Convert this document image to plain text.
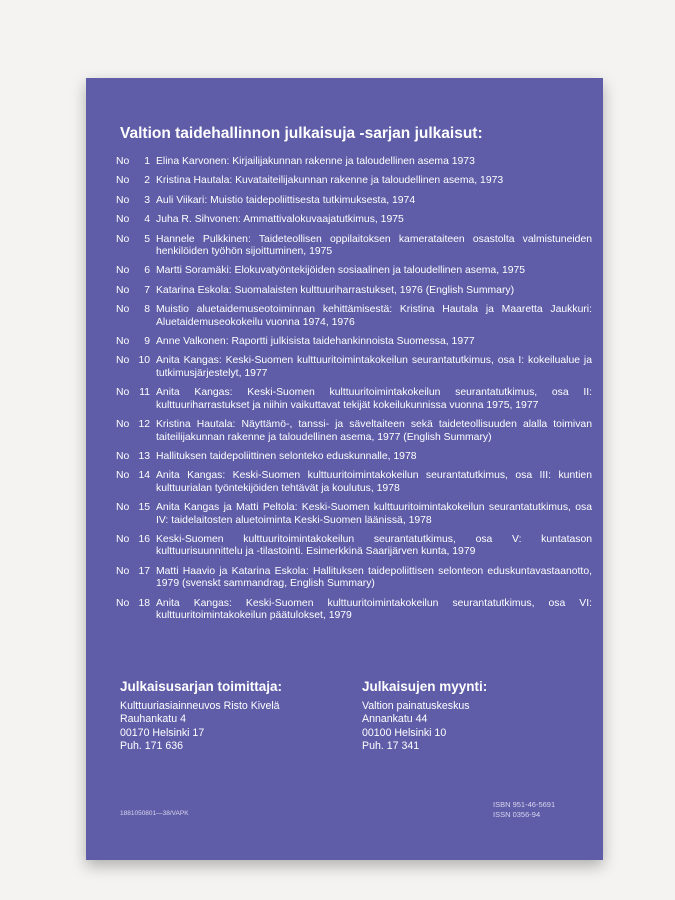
Valtion taidehallinnon julkaisuja -sarjan julkaisut:
No	1 Elina Karvonen: Kirjailijakunnan rakenne ja taloudellinen asema 1973
No	2 Kristina Hautala: Kuvataiteilijakunnan rakenne ja taloudellinen asema, 1973
No	3 Auli Viikari: Muistio taidepoliittisesta tutkimuksesta, 1974
No	4 Juha R. Sihvonen: Ammattivalokuvaajatutkimus, 1975
No	5 Hannele Pulkkinen: Taideteollisen oppilaitoksen kamerataiteen osastolta valmistuneiden henkilöiden työhön sijoittuminen, 1975
No	6 Martti Soramäki: Elokuvatyöntekijöiden sosiaalinen ja taloudellinen asema, 1975
No	7 Katarina Eskola: Suomalaisten kulttuuriharrastukset, 1976 (English Summary)
No	8 Muistio aluetaidemuseotoiminnan kehittämisestä: Kristina Hautala ja Maaretta Jaukkuri: Aluetaidemuseokokeilu vuonna 1974, 1976
No	9 Anne Valkonen: Raportti julkisista taidehankinnoista Suomessa, 1977
No 10 Anita Kangas: Keski-Suomen kulttuuritoimintakokeilun seurantatutkimus, osa I: kokeilualue ja tutkimusjärjestelyt, 1977
No 11 Anita Kangas: Keski-Suomen kulttuuritoimintakokeilun seurantatutkimus, osa II: kulttuuriharrastukset ja niihin vaikuttavat tekijät kokeilukunnissa vuonna 1975, 1977
No 12 Kristina Hautala: Näyttämö-, tanssi- ja säveltaiteen sekä taideteollisuuden alalla toimivan taiteilijakunnan rakenne ja taloudellinen asema, 1977 (English Summary)
No 13 Hallituksen taidepoliittinen selonteko eduskunnalle, 1978
No 14 Anita Kangas: Keski-Suomen kulttuuritoimintakokeilun seurantatutkimus, osa III: kuntien kulttuurialan työntekijöiden tehtävät ja koulutus, 1978
No 15 Anita Kangas ja Matti Peltola: Keski-Suomen kulttuuritoimintakokeilun seurantatutkimus, osa IV: taidelaitosten aluetoiminta Keski-Suomen läänissä, 1978
No 16 Keski-Suomen kulttuuritoimintakokeilun seurantatutkimus, osa V: kuntatason kulttuurisuunnittelu ja -tilastointi. Esimerkkinä Saarijärven kunta, 1979
No 17 Matti Haavio ja Katarina Eskola: Hallituksen taidepoliittisen selonteon eduskuntavastaanotto, 1979 (svenskt sammandrag, English Summary)
No 18 Anita Kangas: Keski-Suomen kulttuuritoimintakokeilun seurantatutkimus, osa VI: kulttuuritoimintakokeilun päätulokset, 1979
Julkaisusarjan toimittaja:
Kulttuuriasiainneuvos Risto Kivelä
Rauhankatu 4
00170 Helsinki 17
Puh. 171 636
Julkaisujen myynti:
Valtion painatuskeskus
Annankatu 44
00100 Helsinki 10
Puh. 17 341
1881050801—38/VAPK
ISBN 951-46-5691
ISSN 0356-94
